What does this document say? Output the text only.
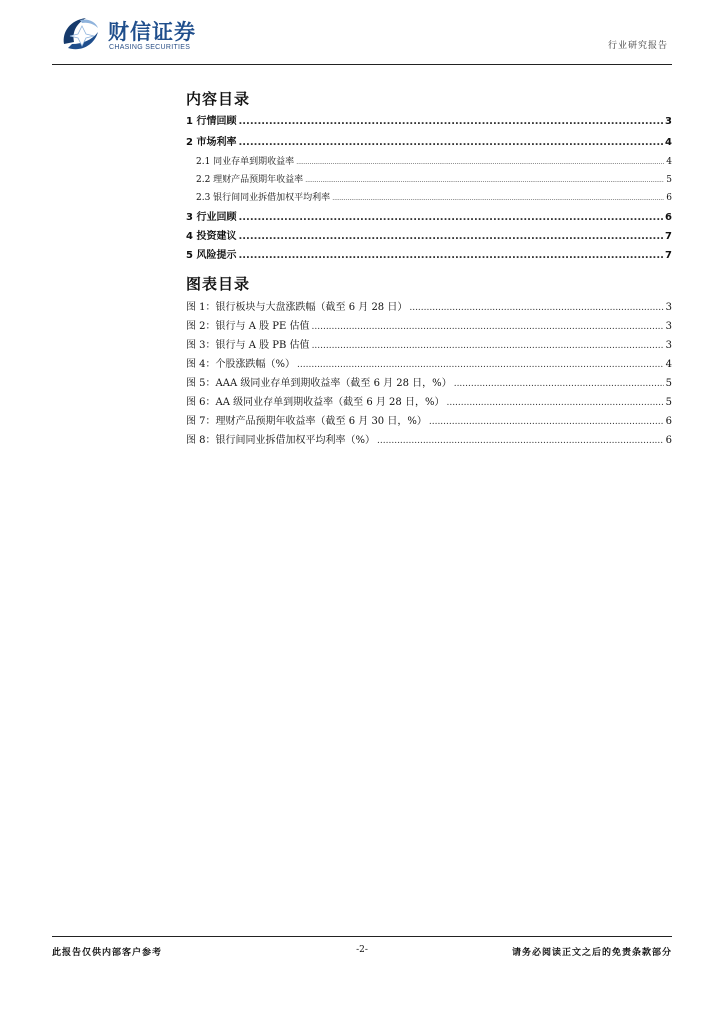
财信证券
CHASING SECURITIES	行业研究报告
内容目录
1 行情回顾 .....	3
2 市场利率 .....	4
2.1 同业存单到期收益率 .....	4
2.2 理财产品预期年收益率 .....	5
2.3 银行间同业拆借加权平均利率 .....	6
3 行业回顾 .....	6
4 投资建议 .....	7
5 风险提示 .....	7
图表目录
图 1：银行板块与大盘涨跌幅（截至 6 月 28 日） .....	3
图 2：银行与 A 股 PE 估值 .....	3
图 3：银行与 A 股 PB 估值 .....	3
图 4：个股涨跌幅（%） .....	4
图 5：AAA 级同业存单到期收益率（截至 6 月 28 日，%） .....	5
图 6：AA 级同业存单到期收益率（截至 6 月 28 日，%） .....	5
图 7：理财产品预期年收益率（截至 6 月 30 日，%） .....	6
图 8：银行间同业拆借加权平均利率（%） .....	6
此报告仅供内部客户参考	-2-	请务必阅读正文之后的免责条款部分
